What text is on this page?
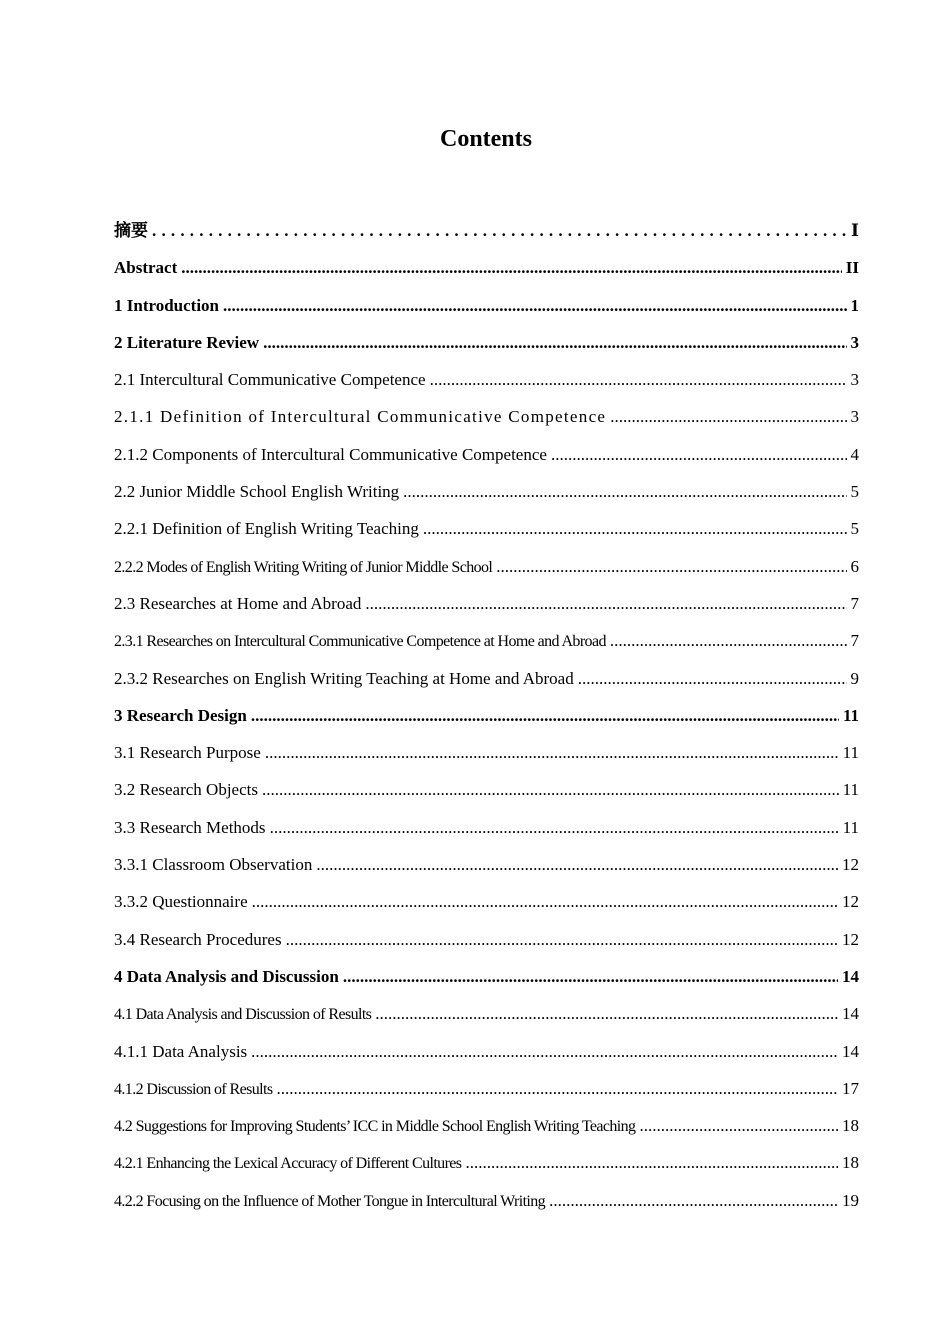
Contents
摘要 .....	Ⅰ
Abstract .....	II
1 Introduction .....	1
2 Literature Review .....	3
2.1 Intercultural Communicative Competence .....	3
2.1.1 Definition of Intercultural Communicative Competence .....	3
2.1.2 Components of Intercultural Communicative Competence .....	4
2.2 Junior Middle School English Writing .....	5
2.2.1 Definition of English Writing Teaching .....	5
2.2.2 Modes of English Writing Writing of Junior Middle School .....	6
2.3 Researches at Home and Abroad .....	7
2.3.1 Researches on Intercultural Communicative Competence at Home and Abroad .....	7
2.3.2 Researches on English Writing Teaching at Home and Abroad .....	9
3 Research Design .....	11
3.1 Research Purpose .....	11
3.2 Research Objects .....	11
3.3 Research Methods .....	11
3.3.1 Classroom Observation .....	12
3.3.2 Questionnaire .....	12
3.4 Research Procedures .....	12
4 Data Analysis and Discussion .....	14
4.1 Data Analysis and Discussion of Results .....	14
4.1.1 Data Analysis .....	14
4.1.2 Discussion of Results .....	17
4.2 Suggestions for Improving Students’ ICC in Middle School English Writing Teaching .....	18
4.2.1 Enhancing the Lexical Accuracy of Different Cultures .....	18
4.2.2 Focusing on the Influence of Mother Tongue in Intercultural Writing .....	19
